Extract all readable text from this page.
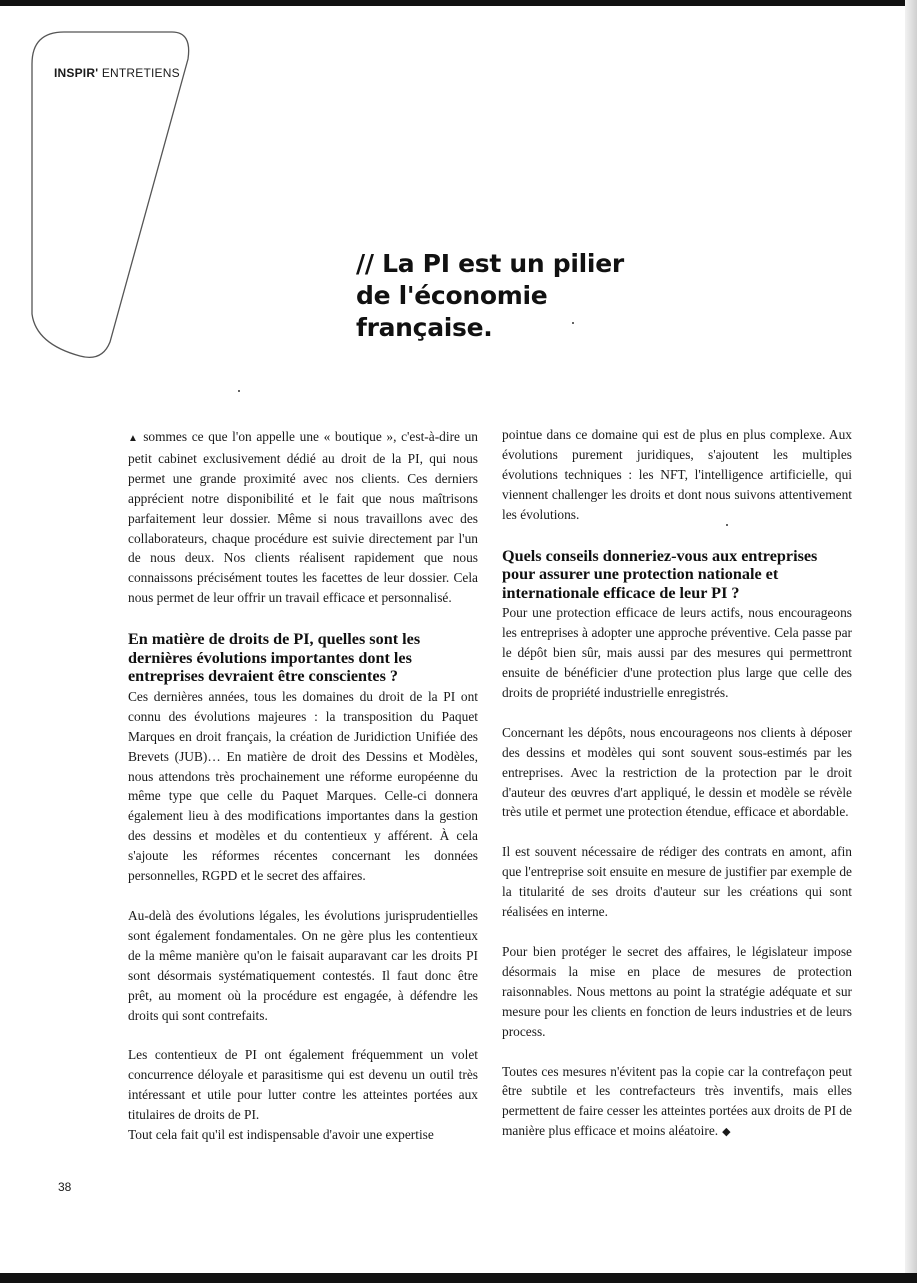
INSPIR' ENTRETIENS
// La PI est un pilier
de l'économie
française.

▲ sommes ce que l'on appelle une « boutique », c'est-à-dire un petit cabinet exclusivement dédié au droit de la PI, qui nous permet une grande proximité avec nos clients. Ces derniers apprécient notre disponibilité et le fait que nous maîtrisons parfaitement leur dossier. Même si nous travaillons avec des collaborateurs, chaque procédure est suivie directement par l'un de nous deux. Nos clients réalisent rapidement que nous connaissons précisément toutes les facettes de leur dossier. Cela nous permet de leur offrir un travail efficace et personnalisé.

En matière de droits de PI, quelles sont les dernières évolutions importantes dont les entreprises devraient être conscientes ?

Ces dernières années, tous les domaines du droit de la PI ont connu des évolutions majeures : la transposition du Paquet Marques en droit français, la création de Juridiction Unifiée des Brevets (JUB)… En matière de droit des Dessins et Modèles, nous attendons très prochainement une réforme européenne du même type que celle du Paquet Marques. Celle-ci donnera également lieu à des modifications importantes dans la gestion des dessins et modèles et du contentieux y afférent. À cela s'ajoute les réformes récentes concernant les données personnelles, RGPD et le secret des affaires.

Au-delà des évolutions légales, les évolutions jurisprudentielles sont également fondamentales. On ne gère plus les contentieux de la même manière qu'on le faisait auparavant car les droits PI sont désormais systématiquement contestés. Il faut donc être prêt, au moment où la procédure est engagée, à défendre les droits qui sont contrefaits.

Les contentieux de PI ont également fréquemment un volet concurrence déloyale et parasitisme qui est devenu un outil très intéressant et utile pour lutter contre les atteintes portées aux titulaires de droits de PI.

Tout cela fait qu'il est indispensable d'avoir une expertise

pointue dans ce domaine qui est de plus en plus complexe. Aux évolutions purement juridiques, s'ajoutent les multiples évolutions techniques : les NFT, l'intelligence artificielle, qui viennent challenger les droits et dont nous suivons attentivement les évolutions.

Quels conseils donneriez-vous aux entreprises pour assurer une protection nationale et internationale efficace de leur PI ?

Pour une protection efficace de leurs actifs, nous encourageons les entreprises à adopter une approche préventive. Cela passe par le dépôt bien sûr, mais aussi par des mesures qui permettront ensuite de bénéficier d'une protection plus large que celle des droits de propriété industrielle enregistrés.

Concernant les dépôts, nous encourageons nos clients à déposer des dessins et modèles qui sont souvent sous-estimés par les entreprises. Avec la restriction de la protection par le droit d'auteur des œuvres d'art appliqué, le dessin et modèle se révèle très utile et permet une protection étendue, efficace et abordable.

Il est souvent nécessaire de rédiger des contrats en amont, afin que l'entreprise soit ensuite en mesure de justifier par exemple de la titularité de ses droits d'auteur sur les créations qui sont réalisées en interne.

Pour bien protéger le secret des affaires, le législateur impose désormais la mise en place de mesures de protection raisonnables. Nous mettons au point la stratégie adéquate et sur mesure pour les clients en fonction de leurs industries et de leurs process.

Toutes ces mesures n'évitent pas la copie car la contrefaçon peut être subtile et les contrefacteurs très inventifs, mais elles permettent de faire cesser les atteintes portées aux droits de PI de manière plus efficace et moins aléatoire. ◆

38
